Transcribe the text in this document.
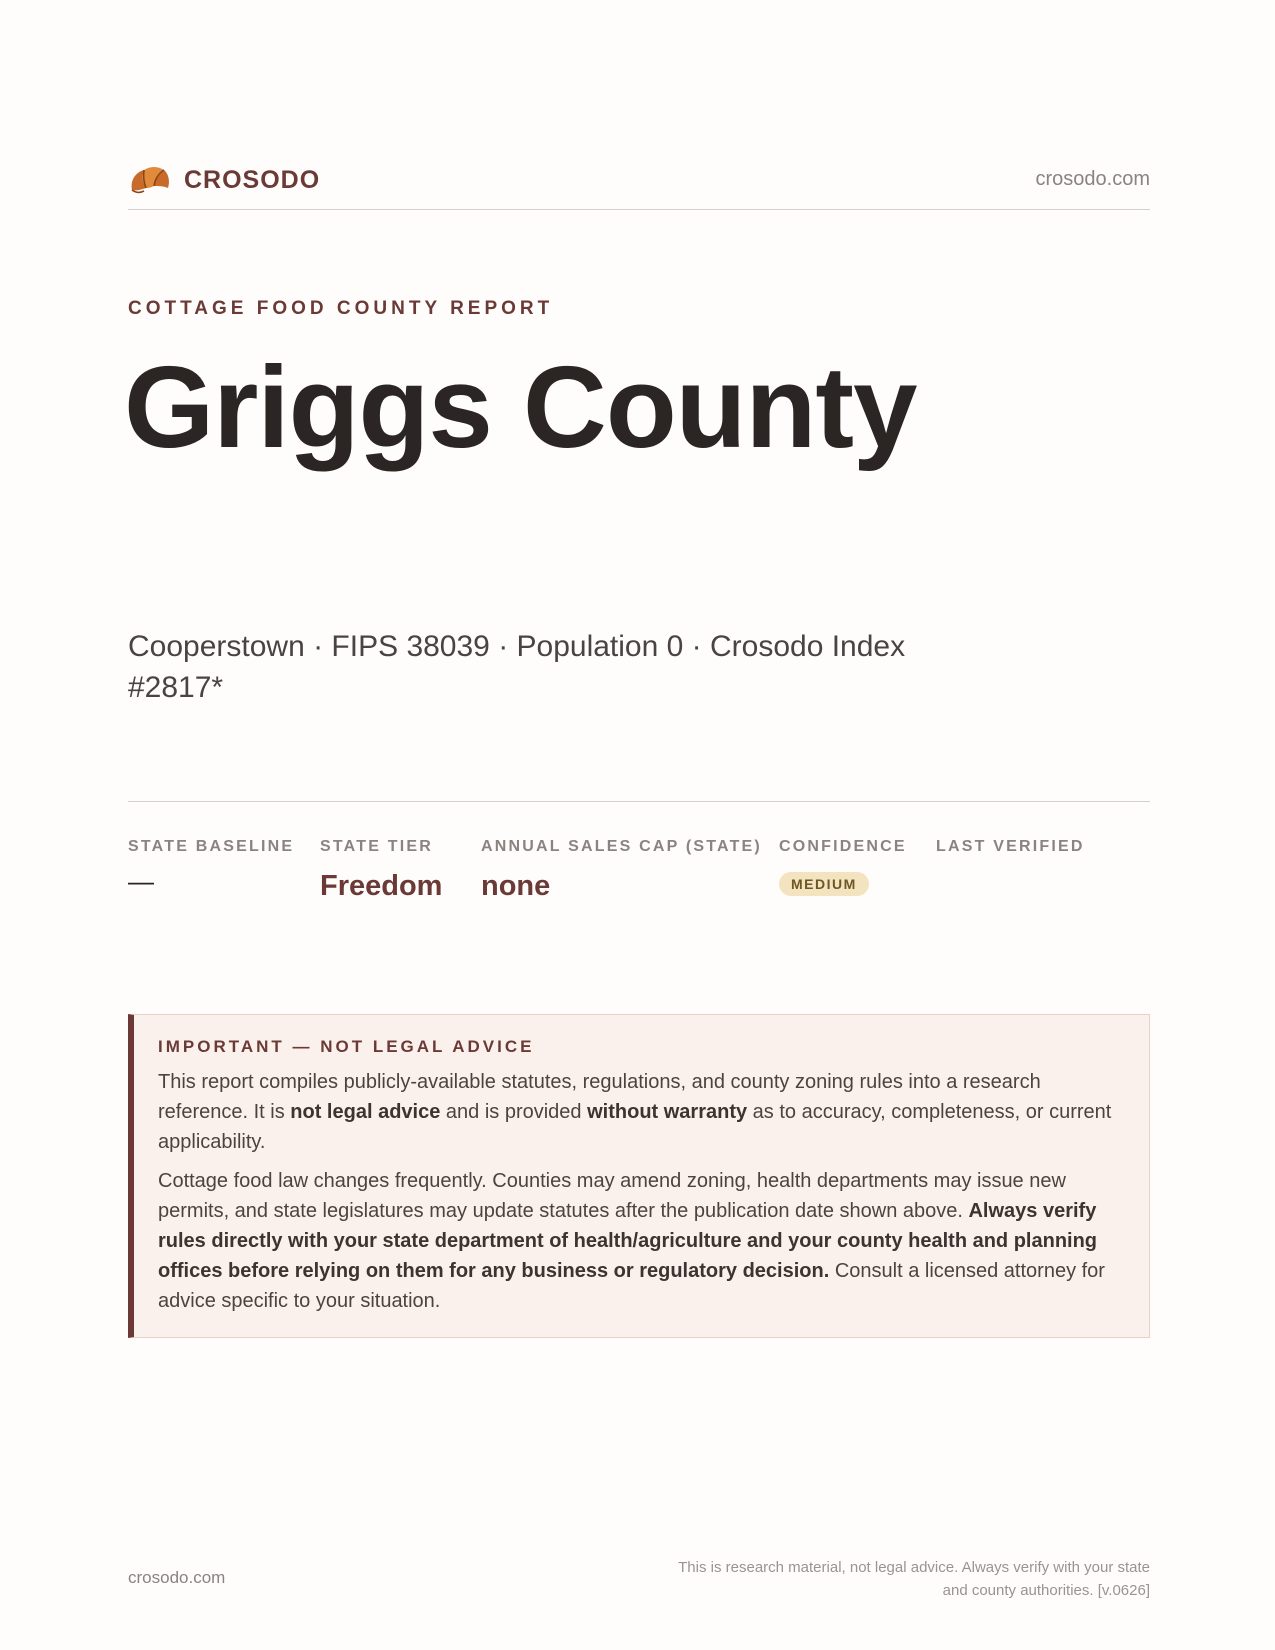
CROSODO	crosodo.com
COTTAGE FOOD COUNTY REPORT
Griggs County

Cooperstown · FIPS 38039 · Population 0 · Crosodo Index #2817*

STATE BASELINE
—
STATE TIER
Freedom
ANNUAL SALES CAP (STATE)
none
CONFIDENCE
MEDIUM
LAST VERIFIED
IMPORTANT — NOT LEGAL ADVICE

This report compiles publicly-available statutes, regulations, and county zoning rules into a research reference. It is not legal advice and is provided without warranty as to accuracy, completeness, or current applicability.

Cottage food law changes frequently. Counties may amend zoning, health departments may issue new permits, and state legislatures may update statutes after the publication date shown above. Always verify rules directly with your state department of health/agriculture and your county health and planning offices before relying on them for any business or regulatory decision. Consult a licensed attorney for advice specific to your situation.

crosodo.com
This is research material, not legal advice. Always verify with your state
and county authorities. [v.0626]
